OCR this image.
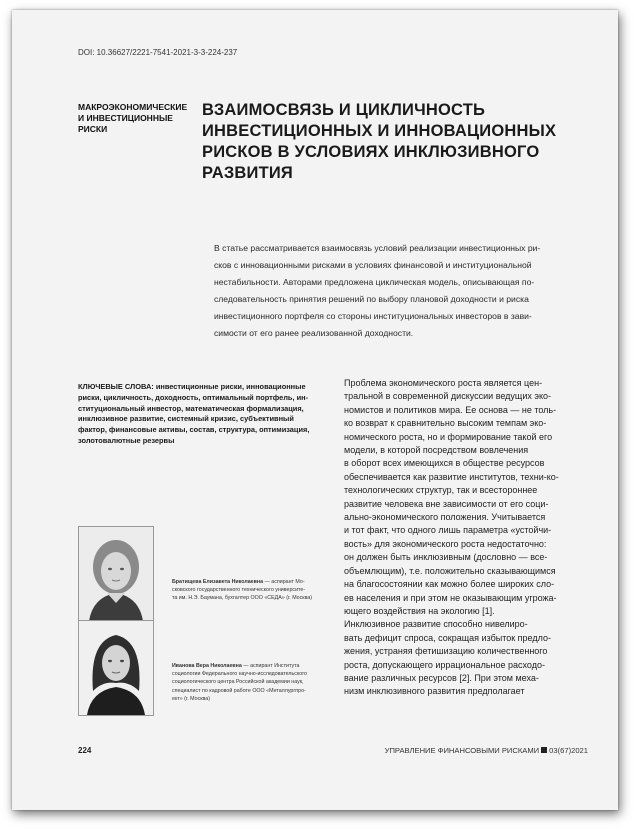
DOI: 10.36627/2221-7541-2021-3-3-224-237
МАКРОЭКОНОМИЧЕСКИЕ
И ИНВЕСТИЦИОННЫЕ
РИСКИ
ВЗАИМОСВЯЗЬ И ЦИКЛИЧНОСТЬ
ИНВЕСТИЦИОННЫХ И ИННОВАЦИОННЫХ
РИСКОВ В УСЛОВИЯХ ИНКЛЮЗИВНОГО
РАЗВИТИЯ
В статье рассматривается взаимосвязь условий реализации инвестиционных ри-
сков с инновационными рисками в условиях финансовой и институциональной
нестабильности. Авторами предложена циклическая модель, описывающая по-
следовательность принятия решений по выбору плановой доходности и риска
инвестиционного портфеля со стороны институциональных инвесторов в зави-
симости от его ранее реализованной доходности.
КЛЮЧЕВЫЕ СЛОВА: инвестиционные риски, инновационные
риски, цикличность, доходность, оптимальный портфель, ин-
ституциональный инвестор, математическая формализация,
инклюзивное развитие, системный кризис, субъективный
фактор, финансовые активы, состав, структура, оптимизация,
золотовалютные резервы
Братищева Елизавета Николаевна — аспирант Мо-
сковского государственного технического университе-
та им. Н.Э. Баумана, бухгалтер ООО «СЕДА» (г. Москва)
Иванова Вера Николаевна — аспирант Института
социологии Федерального научно-исследовательского
социологического центра Российской академии наук,
специалист по кадровой работе ООО «Металлургпро-
ект» (г. Москва)
Проблема экономического роста является цен-
тральной в современной дискуссии ведущих эко-
номистов и политиков мира. Ее основа — не толь-
ко возврат к сравнительно высоким темпам эко-
номического роста, но и формирование такой его
модели, в которой посредством вовлечения
в оборот всех имеющихся в обществе ресурсов
обеспечивается как развитие институтов, техни-ко-
технологических структур, так и всестороннее
развитие человека вне зависимости от его соци-
ально-экономического положения. Учитывается
и тот факт, что одного лишь параметра «устойчи-
вость» для экономического роста недостаточно:
он должен быть инклюзивным (дословно — все-
объемлющим), т.е. положительно сказывающимся
на благосостоянии как можно более широких сло-
ев населения и при этом не оказывающим угрожа-
ющего воздействия на экологию [1].
Инклюзивное развитие способно нивелиро-
вать дефицит спроса, сокращая избыток предло-
жения, устраняя фетишизацию количественного
роста, допускающего иррациональное расходо-
вание различных ресурсов [2]. При этом меха-
низм инклюзивного развития предполагает
224	УПРАВЛЕНИЕ ФИНАНСОВЫМИ РИСКАМИ 03(67)2021
